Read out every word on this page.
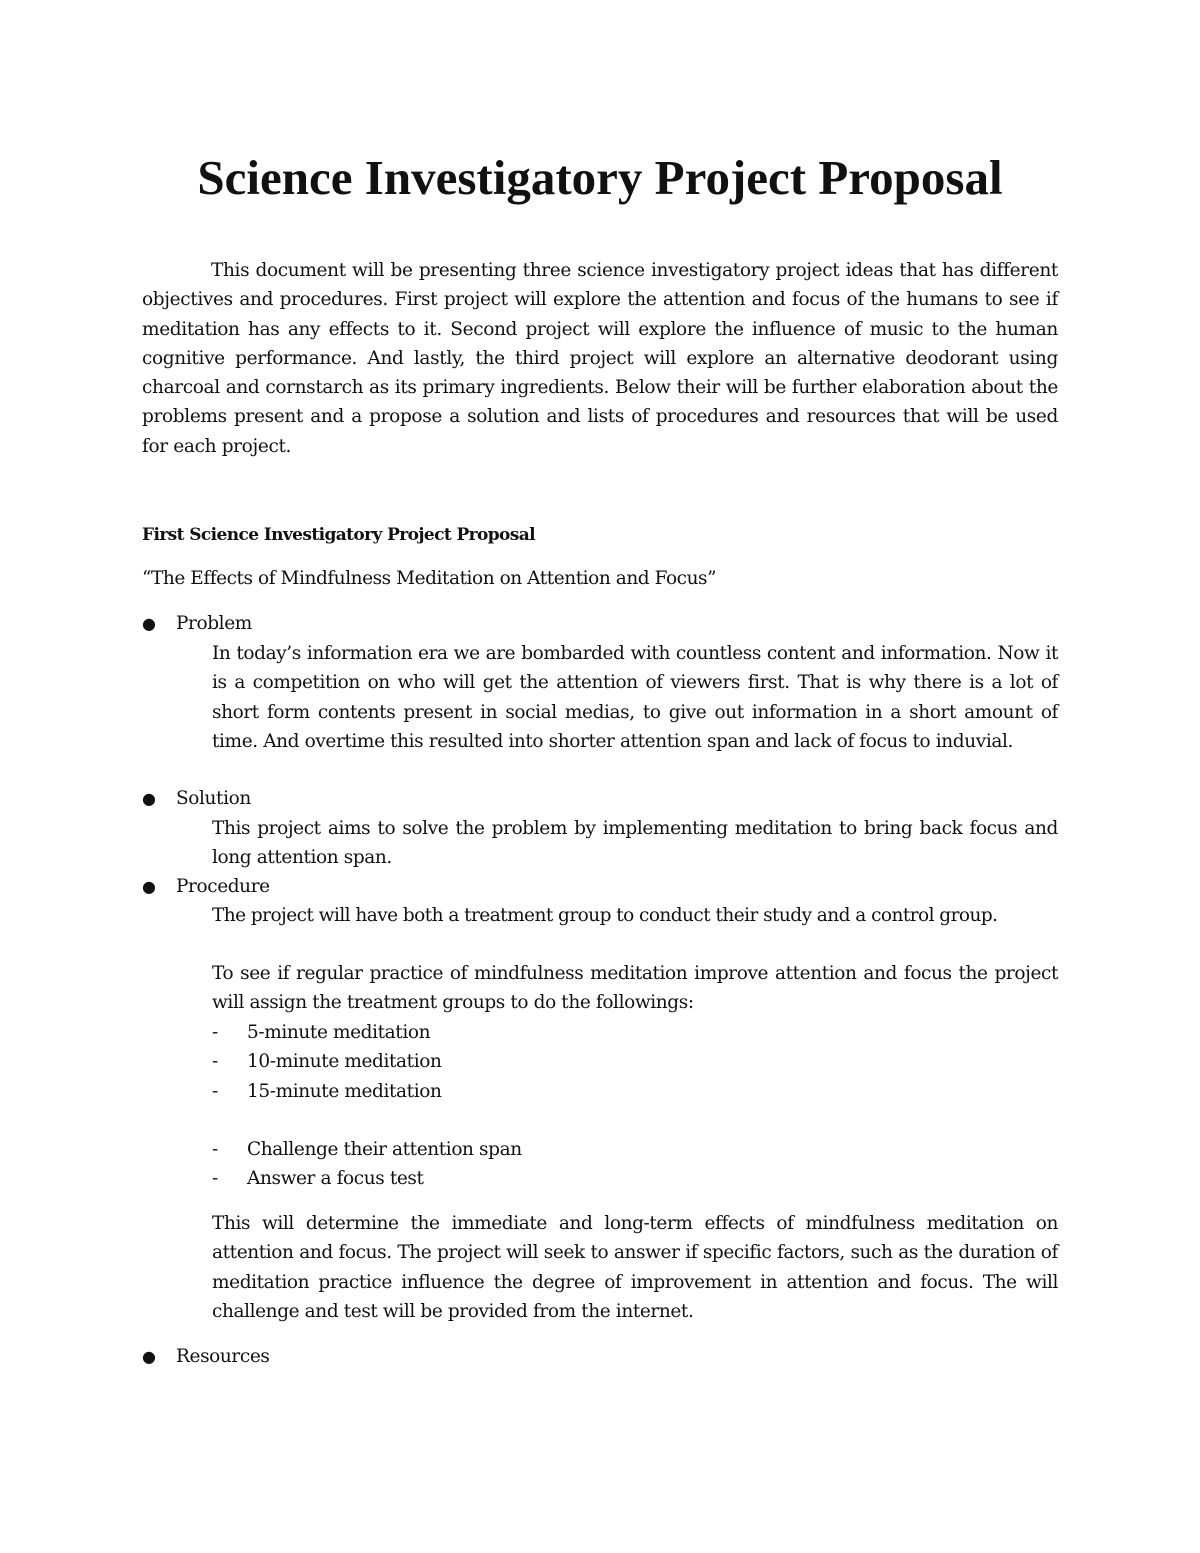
Science Investigatory Project Proposal

This document will be presenting three science investigatory project ideas that has different objectives and procedures. First project will explore the attention and focus of the humans to see if meditation has any effects to it. Second project will explore the influence of music to the human cognitive performance. And lastly, the third project will explore an alternative deodorant using charcoal and cornstarch as its primary ingredients. Below their will be further elaboration about the problems present and a propose a solution and lists of procedures and resources that will be used for each project.

First Science Investigatory Project Proposal

“The Effects of Mindfulness Meditation on Attention and Focus”

● Problem

In today’s information era we are bombarded with countless content and information. Now it is a competition on who will get the attention of viewers first. That is why there is a lot of short form contents present in social medias, to give out information in a short amount of time. And overtime this resulted into shorter attention span and lack of focus to induvial.

● Solution

This project aims to solve the problem by implementing meditation to bring back focus and long attention span.

● Procedure

The project will have both a treatment group to conduct their study and a control group.

To see if regular practice of mindfulness meditation improve attention and focus the project will assign the treatment groups to do the followings:

- 5-minute meditation
- 10-minute meditation
- 15-minute meditation
- Challenge their attention span
- Answer a focus test

This will determine the immediate and long-term effects of mindfulness meditation on attention and focus. The project will seek to answer if specific factors, such as the duration of meditation practice influence the degree of improvement in attention and focus. The will challenge and test will be provided from the internet.

● Resources
